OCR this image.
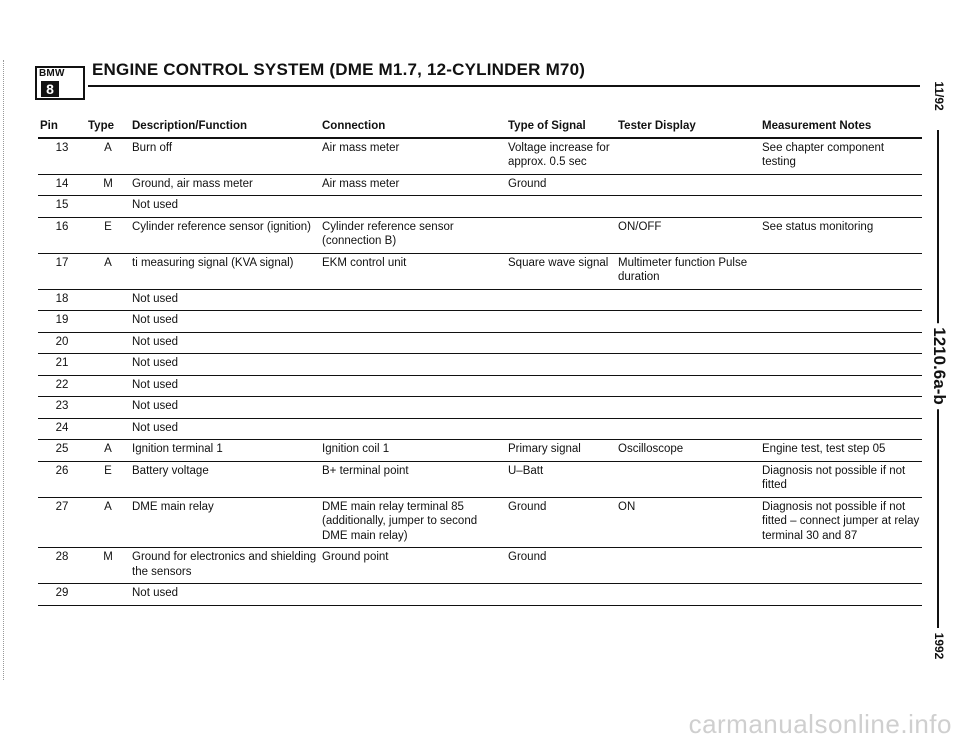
BMW
8
ENGINE CONTROL SYSTEM (DME M1.7, 12-CYLINDER M70)
Pin	Type	Description/Function	Connection	Type of Signal	Tester Display	Measurement Notes
13	A	Burn off	Air mass meter	Voltage increase for approx. 0.5 sec		See chapter component testing
14	M	Ground, air mass meter	Air mass meter	Ground		
15		Not used				
16	E	Cylinder reference sensor (ignition)	Cylinder reference sensor (connection B)		ON/OFF	See status monitoring
17	A	ti measuring signal (KVA signal)	EKM control unit	Square wave signal	Multimeter function Pulse duration	
18		Not used				
19		Not used				
20		Not used				
21		Not used				
22		Not used				
23		Not used				
24		Not used				
25	A	Ignition terminal 1	Ignition coil 1	Primary signal	Oscilloscope	Engine test, test step 05
26	E	Battery voltage	B+ terminal point	U–Batt		Diagnosis not possible if not fitted
27	A	DME main relay	DME main relay terminal 85 (additionally, jumper to second DME main relay)	Ground	ON	Diagnosis not possible if not fitted – connect jumper at relay terminal 30 and 87
28	M	Ground for electronics and shielding the sensors	Ground point	Ground		
29		Not used				
11/92
1210.6a-b
1992
carmanualsonline.info
